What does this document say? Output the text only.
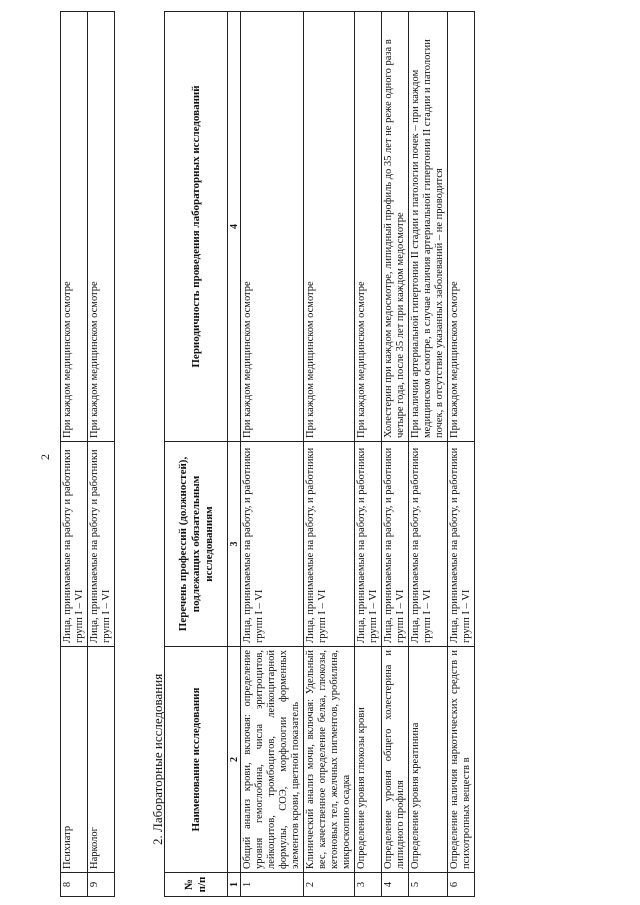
2
8	Психиатр	Лица, принимаемые на работу и работники групп I – VI	При каждом медицинском осмотре
9	Нарколог	Лица, принимаемые на работу и работники групп I – VI	При каждом медицинском осмотре
2. Лабораторные исследования
№ п/п	Наименование исследования	Перечень профессий (должностей), подлежащих обязательным исследованиям	Периодичность проведения лабораторных исследований
1	2	3	4
1	Общий анализ крови, включая: определение уровня гемоглобина, числа эритроцитов, лейкоцитов, тромбоцитов, лейкоцитарной формулы, СОЭ, морфологии форменных элементов крови, цветной показатель	Лица, принимаемые на работу, и работники групп I – VI	При каждом медицинском осмотре
2	Клинический анализ мочи, включая: Удельный вес, качественное определение белка, глюкозы, кетоновых тел, желчных пигментов, уробилина, микроскопию осадка	Лица, принимаемые на работу, и работники групп I – VI	При каждом медицинском осмотре
3	Определение уровня глюкозы крови	Лица, принимаемые на работу, и работники групп I – VI	При каждом медицинском осмотре
4	Определение уровня общего холестерина и липидного профиля	Лица, принимаемые на работу, и работники групп I – VI	Холестерин при каждом медосмотре, липидный профиль до 35 лет не реже одного раза в четыре года, после 35 лет при каждом медосмотре
5	Определение уровня креатинина	Лица, принимаемые на работу, и работники групп I – VI	При наличии артериальной гипертонии II стадии и патологии почек – при каждом медицинском осмотре, в случае наличия артериальной гипертонии II стадии и патологии почек, в отсутствие указанных заболеваний – не проводится
6	Определение наличия наркотических средств и психотропных веществ в	Лица, принимаемые на работу, и работники групп I – VI	При каждом медицинском осмотре
